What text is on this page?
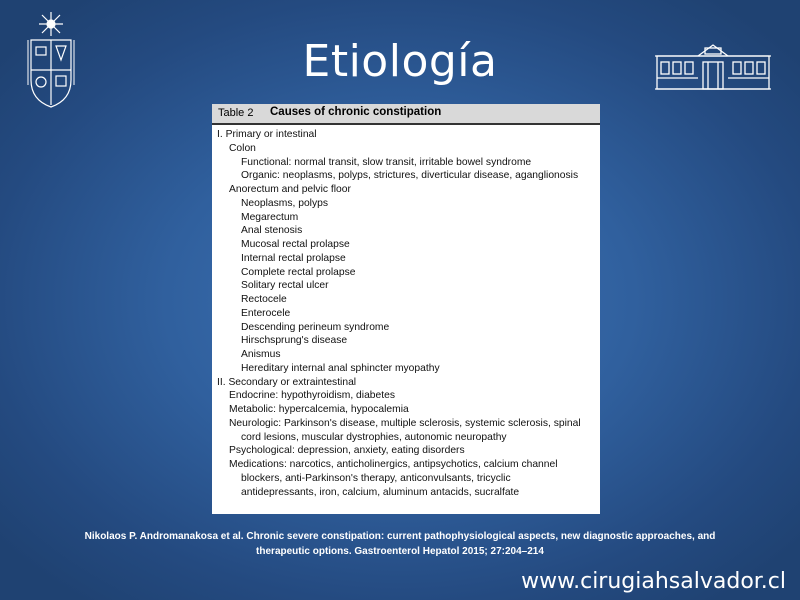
Etiología
Table 2 Causes of chronic constipation
I. Primary or intestinal
Colon
Functional: normal transit, slow transit, irritable bowel syndrome
Organic: neoplasms, polyps, strictures, diverticular disease, aganglionosis
Anorectum and pelvic floor
Neoplasms, polyps
Megarectum
Anal stenosis
Mucosal rectal prolapse
Internal rectal prolapse
Complete rectal prolapse
Solitary rectal ulcer
Rectocele
Enterocele
Descending perineum syndrome
Hirschsprung's disease
Anismus
Hereditary internal anal sphincter myopathy
II. Secondary or extraintestinal
Endocrine: hypothyroidism, diabetes
Metabolic: hypercalcemia, hypocalemia
Neurologic: Parkinson's disease, multiple sclerosis, systemic sclerosis, spinal
cord lesions, muscular dystrophies, autonomic neuropathy
Psychological: depression, anxiety, eating disorders
Medications: narcotics, anticholinergics, antipsychotics, calcium channel
blockers, anti-Parkinson's therapy, anticonvulsants, tricyclic
antidepressants, iron, calcium, aluminum antacids, sucralfate
Nikolaos P. Andromanakosa et al. Chronic severe constipation: current pathophysiological aspects, new diagnostic approaches, and
therapeutic options. Gastroenterol Hepatol 2015; 27:204–214
www.cirugiahsalvador.cl
